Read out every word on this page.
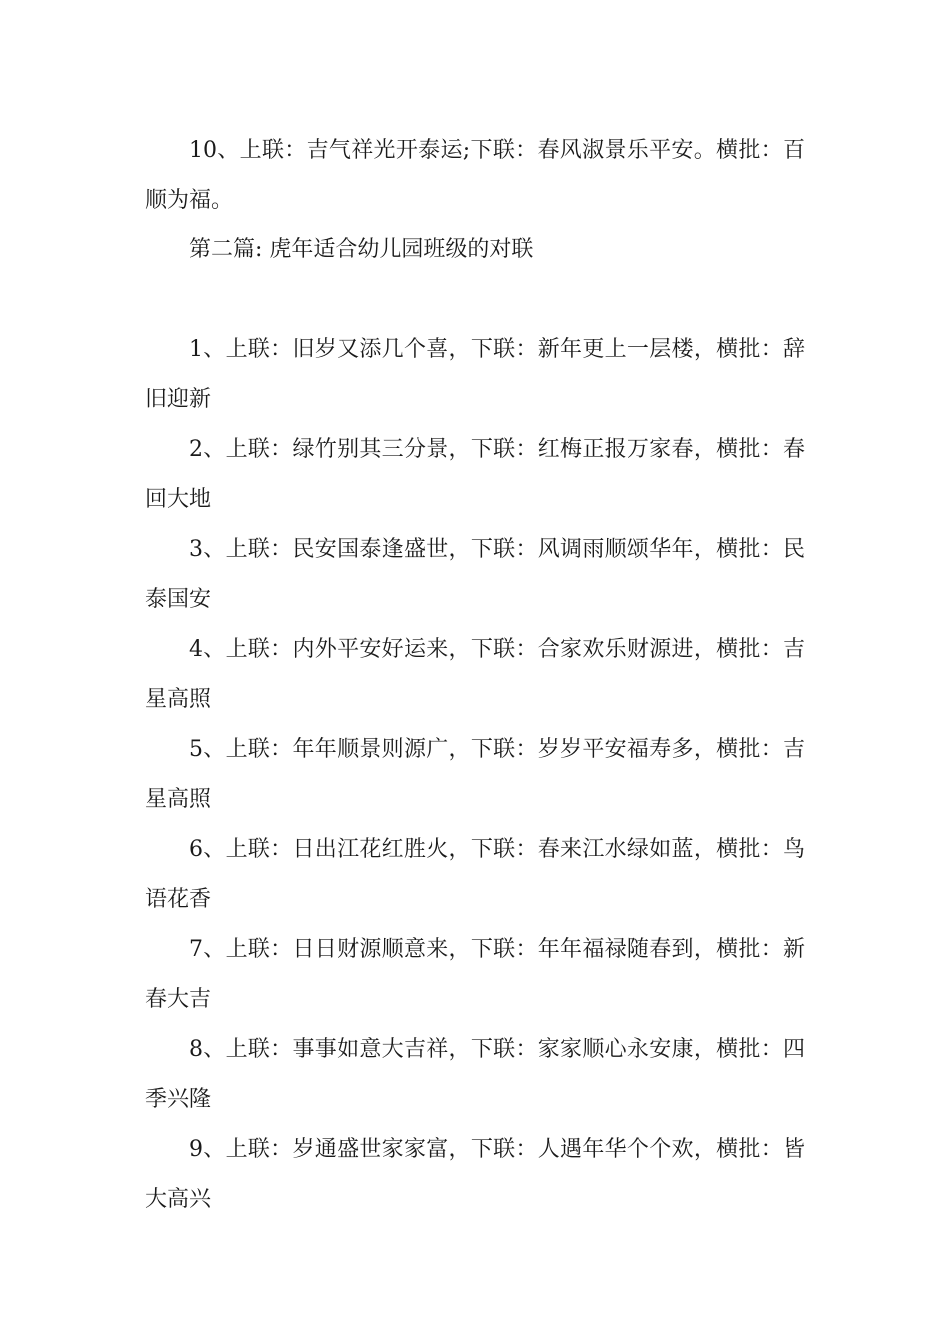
10、上联：吉气祥光开泰运;下联：春风淑景乐平安。横批：百顺为福。

第二篇: 虎年适合幼儿园班级的对联

1、上联：旧岁又添几个喜，下联：新年更上一层楼，横批：辞旧迎新

2、上联：绿竹别其三分景，下联：红梅正报万家春，横批：春回大地

3、上联：民安国泰逢盛世，下联：风调雨顺颂华年，横批：民泰国安

4、上联：内外平安好运来，下联：合家欢乐财源进，横批：吉星高照

5、上联：年年顺景则源广，下联：岁岁平安福寿多，横批：吉星高照

6、上联：日出江花红胜火，下联：春来江水绿如蓝，横批：鸟语花香

7、上联：日日财源顺意来，下联：年年福禄随春到，横批：新春大吉

8、上联：事事如意大吉祥，下联：家家顺心永安康，横批：四季兴隆

9、上联：岁通盛世家家富，下联：人遇年华个个欢，横批：皆大高兴
